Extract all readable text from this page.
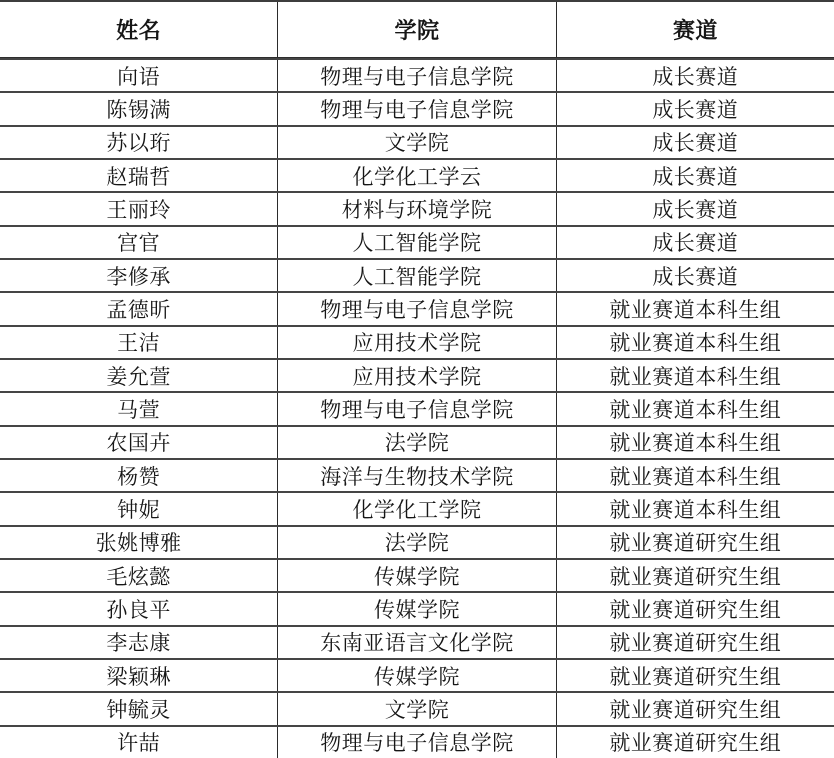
姓名	学院	赛道
向语	物理与电子信息学院	成长赛道
陈锡满	物理与电子信息学院	成长赛道
苏以珩	文学院	成长赛道
赵瑞哲	化学化工学云	成长赛道
王丽玲	材料与环境学院	成长赛道
宫官	人工智能学院	成长赛道
李修承	人工智能学院	成长赛道
孟德昕	物理与电子信息学院	就业赛道本科生组
王洁	应用技术学院	就业赛道本科生组
姜允萱	应用技术学院	就业赛道本科生组
马萱	物理与电子信息学院	就业赛道本科生组
农国卉	法学院	就业赛道本科生组
杨赞	海洋与生物技术学院	就业赛道本科生组
钟妮	化学化工学院	就业赛道本科生组
张姚博雅	法学院	就业赛道研究生组
毛炫懿	传媒学院	就业赛道研究生组
孙良平	传媒学院	就业赛道研究生组
李志康	东南亚语言文化学院	就业赛道研究生组
梁颖琳	传媒学院	就业赛道研究生组
钟毓灵	文学院	就业赛道研究生组
许喆	物理与电子信息学院	就业赛道研究生组
